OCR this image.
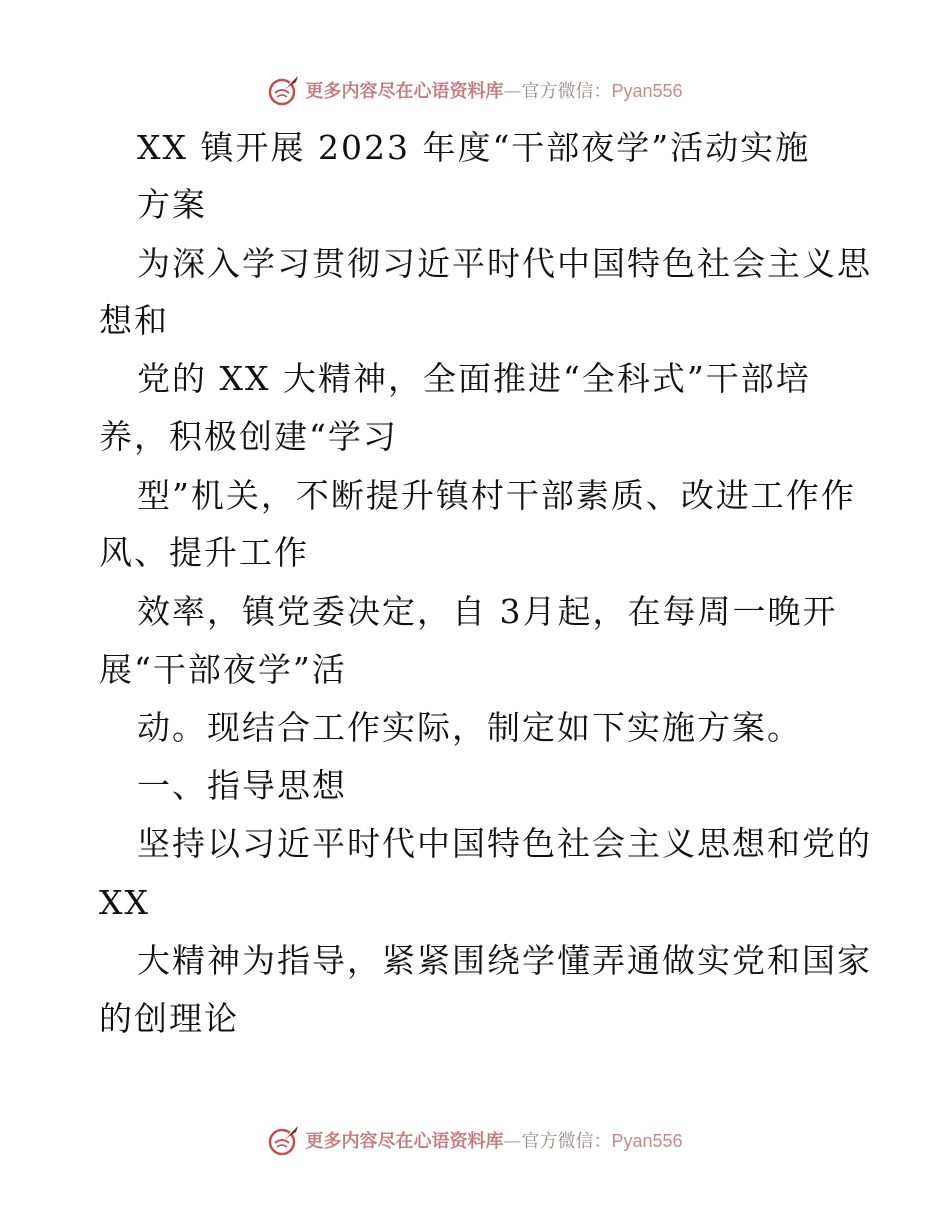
更多内容尽在心语资料库—官方微信：Pyan556
XX 镇开展 2023 年度“干部夜学”活动实施
方案
为深入学习贯彻习近平时代中国特色社会主义思
想和
党的 XX 大精神，全面推进“全科式”干部培
养，积极创建“学习
型”机关，不断提升镇村干部素质、改进工作作
风、提升工作
效率，镇党委决定，自 3月起，在每周一晚开
展“干部夜学”活
动。现结合工作实际，制定如下实施方案。
一、指导思想
坚持以习近平时代中国特色社会主义思想和党的
XX
大精神为指导，紧紧围绕学懂弄通做实党和国家
的创理论
更多内容尽在心语资料库—官方微信：Pyan556
